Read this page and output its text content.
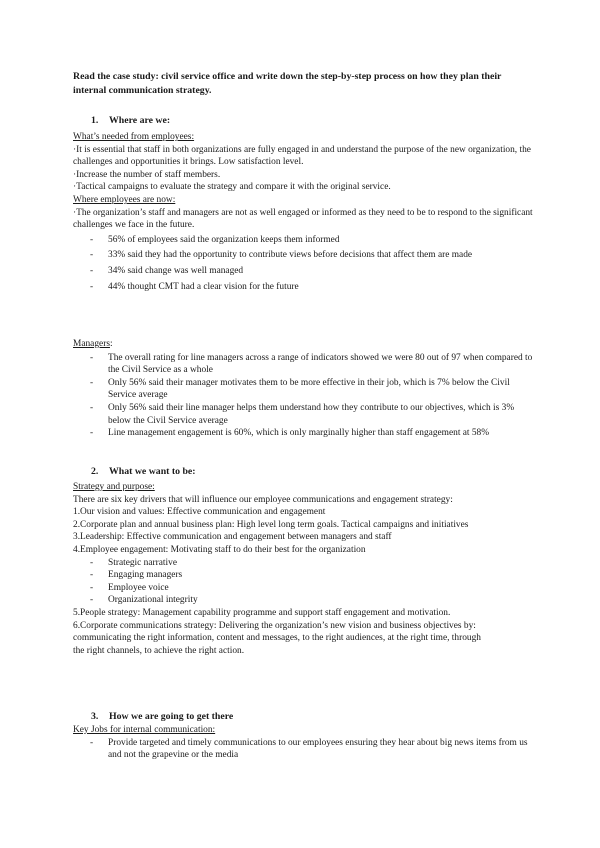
Read the case study: civil service office and write down the step-by-step process on how they plan their internal communication strategy.
1. Where are we:
What’s needed from employees:
·It is essential that staff in both organizations are fully engaged in and understand the purpose of the new organization, the challenges and opportunities it brings. Low satisfaction level.
·Increase the number of staff members.
·Tactical campaigns to evaluate the strategy and compare it with the original service.
Where employees are now:
·The organization’s staff and managers are not as well engaged or informed as they need to be to respond to the significant challenges we face in the future.
- 56% of employees said the organization keeps them informed
- 33% said they had the opportunity to contribute views before decisions that affect them are made
- 34% said change was well managed
- 44% thought CMT had a clear vision for the future
Managers:
- The overall rating for line managers across a range of indicators showed we were 80 out of 97 when compared to the Civil Service as a whole
- Only 56% said their manager motivates them to be more effective in their job, which is 7% below the Civil Service average
- Only 56% said their line manager helps them understand how they contribute to our objectives, which is 3% below the Civil Service average
- Line management engagement is 60%, which is only marginally higher than staff engagement at 58%
2. What we want to be:
Strategy and purpose:
There are six key drivers that will influence our employee communications and engagement strategy:
1.Our vision and values: Effective communication and engagement
2.Corporate plan and annual business plan: High level long term goals. Tactical campaigns and initiatives
3.Leadership: Effective communication and engagement between managers and staff
4.Employee engagement: Motivating staff to do their best for the organization
- Strategic narrative
- Engaging managers
- Employee voice
- Organizational integrity
5.People strategy: Management capability programme and support staff engagement and motivation.
6.Corporate communications strategy: Delivering the organization’s new vision and business objectives by:
communicating the right information, content and messages, to the right audiences, at the right time, through
the right channels, to achieve the right action.
3. How we are going to get there
Key Jobs for internal communication:
- Provide targeted and timely communications to our employees ensuring they hear about big news items from us and not the grapevine or the media
